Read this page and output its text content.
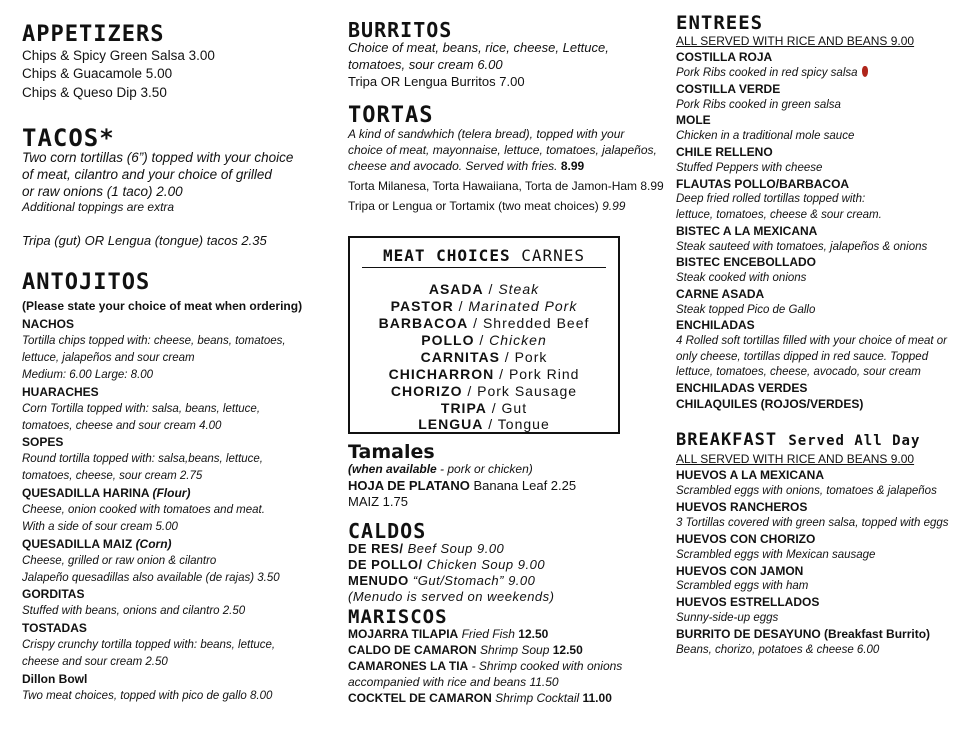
APPETIZERS
Chips & Spicy Green Salsa 3.00
Chips & Guacamole 5.00
Chips & Queso Dip 3.50
TACOS*
Two corn tortillas (6”) topped with your choice
of meat, cilantro and your choice of grilled
or raw onions (1 taco) 2.00
Additional toppings are extra
Tripa (gut) OR Lengua (tongue) tacos 2.35
ANTOJITOS
(Please state your choice of meat when ordering)
NACHOS
Tortilla chips topped with: cheese, beans, tomatoes,
lettuce, jalapeños and sour cream
Medium: 6.00 Large: 8.00
HUARACHES
Corn Tortilla topped with: salsa, beans, lettuce,
tomatoes, cheese and sour cream 4.00
SOPES
Round tortilla topped with: salsa,beans, lettuce,
tomatoes, cheese, sour cream 2.75
QUESADILLA HARINA (Flour)
Cheese, onion cooked with tomatoes and meat.
With a side of sour cream 5.00
QUESADILLA MAIZ (Corn)
Cheese, grilled or raw onion & cilantro
Jalapeño quesadillas also available (de rajas) 3.50
GORDITAS
Stuffed with beans, onions and cilantro 2.50
TOSTADAS
Crispy crunchy tortilla topped with: beans, lettuce,
cheese and sour cream 2.50
Dillon Bowl
Two meat choices, topped with pico de gallo 8.00
BURRITOS
Choice of meat, beans, rice, cheese, Lettuce,
tomatoes, sour cream 6.00
Tripa OR Lengua Burritos 7.00
TORTAS
A kind of sandwhich (telera bread), topped with your
choice of meat, mayonnaise, lettuce, tomatoes, jalapeños,
cheese and avocado. Served with fries. 8.99
Torta Milanesa, Torta Hawaiiana, Torta de Jamon-Ham 8.99
Tripa or Lengua or Tortamix (two meat choices) 9.99
MEAT CHOICES CARNES
ASADA / Steak
PASTOR / Marinated Pork
BARBACOA / Shredded Beef
POLLO / Chicken
CARNITAS / Pork
CHICHARRON / Pork Rind
CHORIZO / Pork Sausage
TRIPA / Gut
LENGUA / Tongue
Tamales
(when available - pork or chicken)
HOJA DE PLATANO Banana Leaf 2.25
MAIZ 1.75
CALDOS
DE RES/ Beef Soup 9.00
DE POLLO/ Chicken Soup 9.00
MENUDO “Gut/Stomach” 9.00
(Menudo is served on weekends)
MARISCOS
MOJARRA TILAPIA Fried Fish 12.50
CALDO DE CAMARON Shrimp Soup 12.50
CAMARONES LA TIA - Shrimp cooked with onions
accompanied with rice and beans 11.50
COCKTEL DE CAMARON Shrimp Cocktail 11.00
ENTREES
ALL SERVED WITH RICE AND BEANS 9.00
COSTILLA ROJA
Pork Ribs cooked in red spicy salsa
COSTILLA VERDE
Pork Ribs cooked in green salsa
MOLE
Chicken in a traditional mole sauce
CHILE RELLENO
Stuffed Peppers with cheese
FLAUTAS POLLO/BARBACOA
Deep fried rolled tortillas topped with:
lettuce, tomatoes, cheese & sour cream.
BISTEC A LA MEXICANA
Steak sauteed with tomatoes, jalapeños & onions
BISTEC ENCEBOLLADO
Steak cooked with onions
CARNE ASADA
Steak topped Pico de Gallo
ENCHILADAS
4 Rolled soft tortillas filled with your choice of meat or
only cheese, tortillas dipped in red sauce. Topped
lettuce, tomatoes, cheese, avocado, sour cream
ENCHILADAS VERDES
CHILAQUILES (ROJOS/VERDES)
BREAKFAST Served All Day
ALL SERVED WITH RICE AND BEANS 9.00
HUEVOS A LA MEXICANA
Scrambled eggs with onions, tomatoes & jalapeños
HUEVOS RANCHEROS
3 Tortillas covered with green salsa, topped with eggs
HUEVOS CON CHORIZO
Scrambled eggs with Mexican sausage
HUEVOS CON JAMON
Scrambled eggs with ham
HUEVOS ESTRELLADOS
Sunny-side-up eggs
BURRITO DE DESAYUNO (Breakfast Burrito)
Beans, chorizo, potatoes & cheese 6.00
